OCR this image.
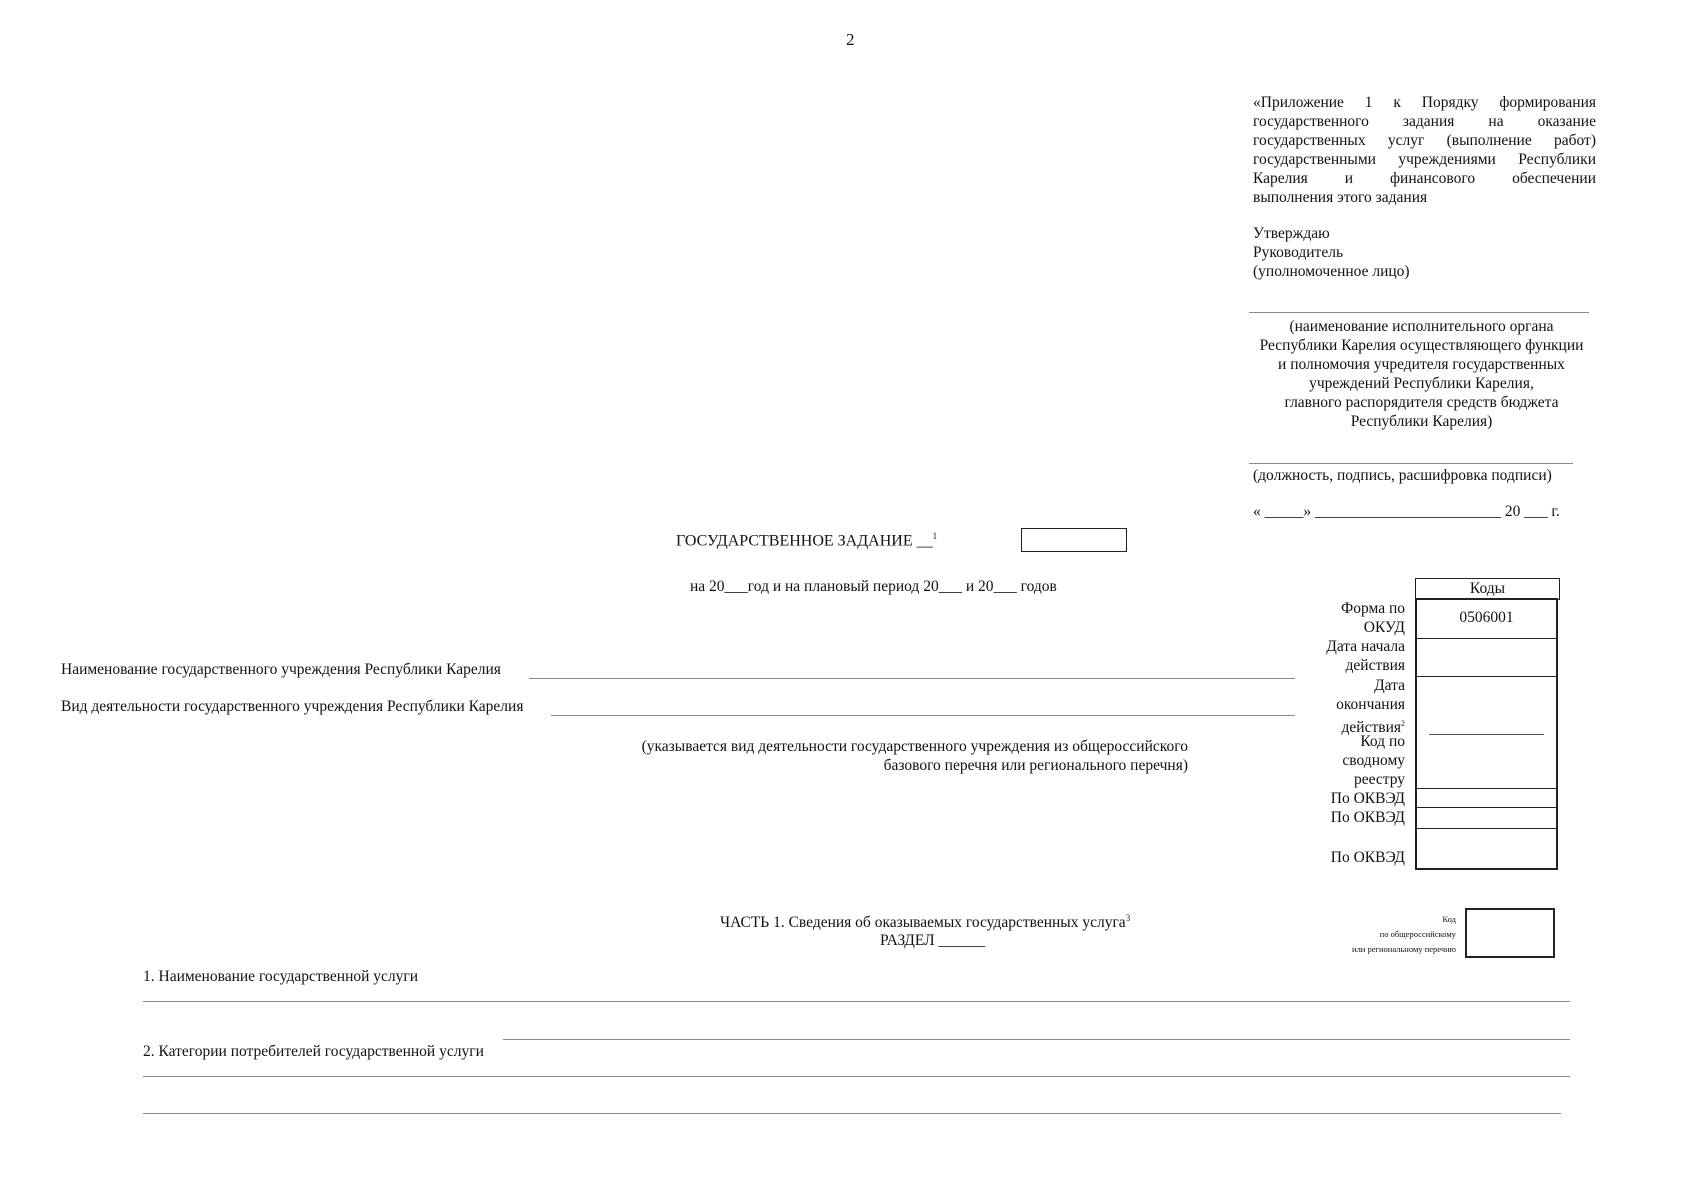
2
«Приложение 1 к Порядку формирования
государственного задания на оказание
государственных услуг (выполнение работ)
государственными учреждениями Республики
Карелия и финансового обеспечении
выполнения этого задания
Утверждаю
Руководитель
(уполномоченное лицо)
(наименование исполнительного органа
Республики Карелия осуществляющего функции
и полномочия учредителя государственных
учреждений Республики Карелия,
главного распорядителя средств бюджета
Республики Карелия)
(должность, подпись, расшифровка подписи)
« _____» ________________________ 20 ___ г.
ГОСУДАРСТВЕННОЕ ЗАДАНИЕ __$^1$
на 20___год и на плановый период 20___ и 20___ годов
Форма по
ОКУД
Дата начала
действия
Дата
окончания
действия$^2$
Код по
сводному
реестру
По ОКВЭД
По ОКВЭД
По ОКВЭД
Коды
0506001
Наименование государственного учреждения Республики Карелия
Вид деятельности государственного учреждения Республики Карелия
(указывается вид деятельности государственного учреждения из общероссийского
базового перечня или регионального перечня)
ЧАСТЬ 1. Сведения об оказываемых государственных услуга$^3$
РАЗДЕЛ ______
Код
по общероссийскому
или региональному перечню
1. Наименование государственной услуги
2. Категории потребителей государственной услуги
